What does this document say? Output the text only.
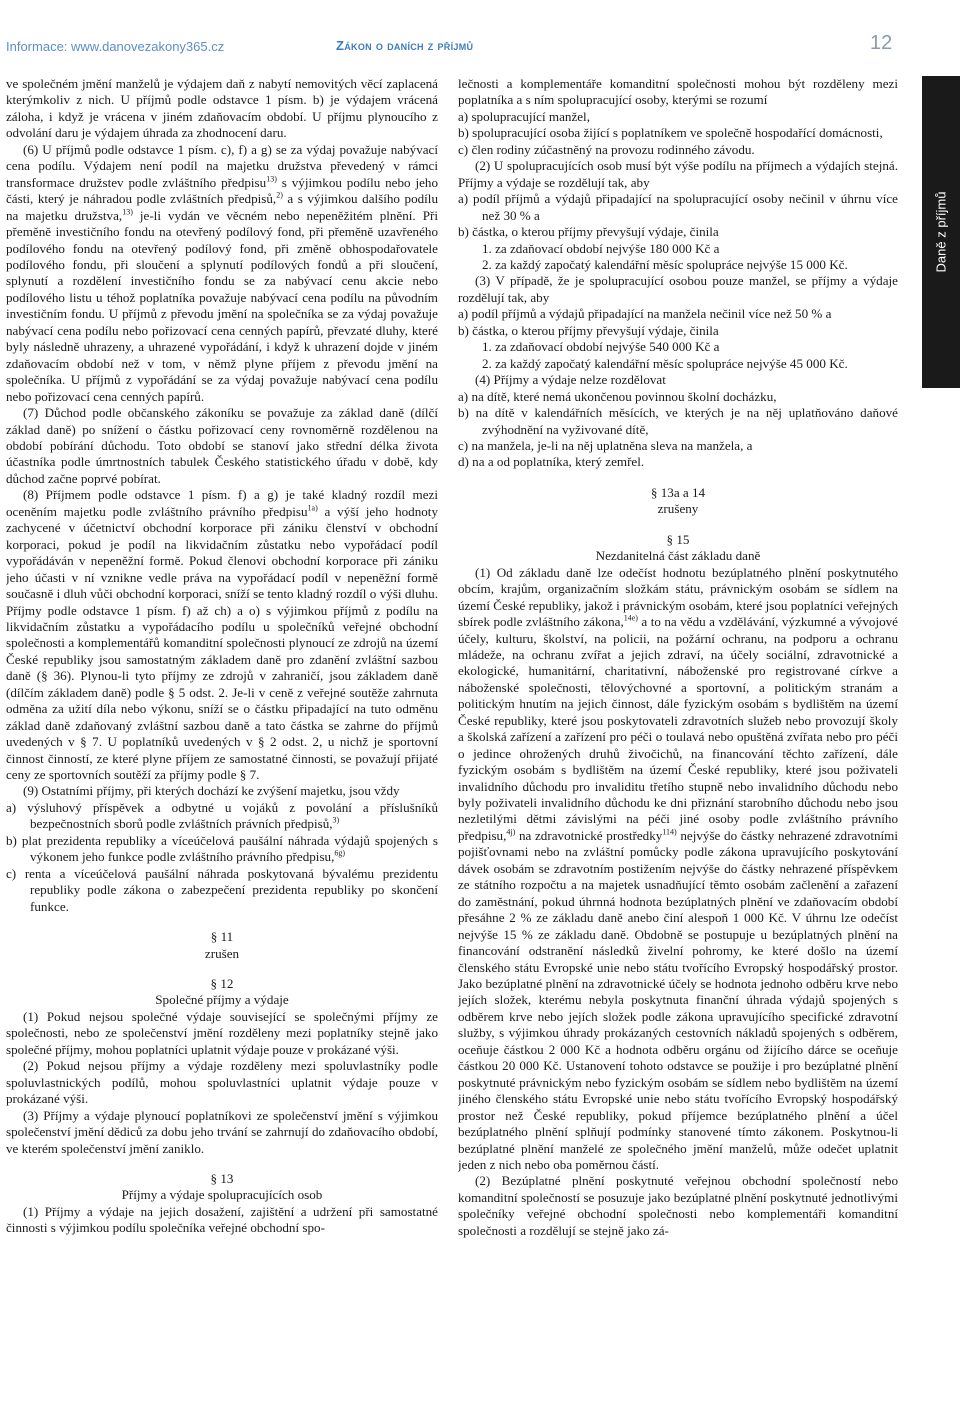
Informace: www.danovezakony365.cz	Zákon o daních z příjmů	12
Daně z příjmů

ve společném jmění manželů je výdajem daň z nabytí nemovitých věcí zaplacená kterýmkoliv z nich. U příjmů podle odstavce 1 písm. b) je výdajem vrácená záloha, i když je vrácena v jiném zdaňovacím období. U příjmu plynoucího z odvolání daru je výdajem úhrada za zhodnocení daru.

(6) U příjmů podle odstavce 1 písm. c), f) a g) se za výdaj považuje nabývací cena podílu. Výdajem není podíl na majetku družstva převedený v rámci transformace družstev podle zvláštního předpisu$^{13)}$ s výjimkou podílu nebo jeho části, který je náhradou podle zvláštních předpisů,$^{2)}$ a s výjimkou dalšího podílu na majetku družstva,$^{13)}$ je-li vydán ve věcném nebo nepeněžitém plnění. Při přeměně investičního fondu na otevřený podílový fond, při přeměně uzavřeného podílového fondu na otevřený podílový fond, při změně obhospodařovatele podílového fondu, při sloučení a splynutí podílových fondů a při sloučení, splynutí a rozdělení investičního fondu se za nabývací cenu akcie nebo podílového listu u téhož poplatníka považuje nabývací cena podílu na původním investičním fondu. U příjmů z převodu jmění na společníka se za výdaj považuje nabývací cena podílu nebo pořizovací cena cenných papírů, převzaté dluhy, které byly následně uhrazeny, a uhrazené vypořádání, i když k uhrazení dojde v jiném zdaňovacím období než v tom, v němž plyne příjem z převodu jmění na společníka. U příjmů z vypořádání se za výdaj považuje nabývací cena podílu nebo pořizovací cena cenných papírů.

(7) Důchod podle občanského zákoníku se považuje za základ daně (dílčí základ daně) po snížení o částku pořizovací ceny rovnoměrně rozdělenou na období pobírání důchodu. Toto období se stanoví jako střední délka života účastníka podle úmrtnostních tabulek Českého statistického úřadu v době, kdy důchod začne poprvé pobírat.

(8) Příjmem podle odstavce 1 písm. f) a g) je také kladný rozdíl mezi oceněním majetku podle zvláštního právního předpisu$^{1a)}$ a výší jeho hodnoty zachycené v účetnictví obchodní korporace při zániku členství v obchodní korporaci, pokud je podíl na likvidačním zůstatku nebo vypořádací podíl vypořádáván v nepeněžní formě. Pokud členovi obchodní korporace při zániku jeho účasti v ní vznikne vedle práva na vypořádací podíl v nepeněžní formě současně i dluh vůči obchodní korporaci, sníží se tento kladný rozdíl o výši dluhu. Příjmy podle odstavce 1 písm. f) až ch) a o) s výjimkou příjmů z podílu na likvidačním zůstatku a vypořádacího podílu u společníků veřejné obchodní společnosti a komplementářů komanditní společnosti plynoucí ze zdrojů na území České republiky jsou samostatným základem daně pro zdanění zvláštní sazbou daně (§ 36). Plynou-li tyto příjmy ze zdrojů v zahraničí, jsou základem daně (dílčím základem daně) podle § 5 odst. 2. Je-li v ceně z veřejné soutěže zahrnuta odměna za užití díla nebo výkonu, sníží se o částku připadající na tuto odměnu základ daně zdaňovaný zvláštní sazbou daně a tato částka se zahrne do příjmů uvedených v § 7. U poplatníků uvedených v § 2 odst. 2, u nichž je sportovní činnost činností, ze které plyne příjem ze samostatné činnosti, se považují přijaté ceny ze sportovních soutěží za příjmy podle § 7.

(9) Ostatními příjmy, při kterých dochází ke zvýšení majetku, jsou vždy

a) výsluhový příspěvek a odbytné u vojáků z povolání a příslušníků bezpečnostních sborů podle zvláštních právních předpisů,$^{3)}$

b) plat prezidenta republiky a víceúčelová paušální náhrada výdajů spojených s výkonem jeho funkce podle zvláštního právního předpisu,$^{6g)}$

c) renta a víceúčelová paušální náhrada poskytovaná bývalému prezidentu republiky podle zákona o zabezpečení prezidenta republiky po skončení funkce.

§ 11

zrušen

§ 12

Společné příjmy a výdaje

(1) Pokud nejsou společné výdaje související se společnými příjmy ze společnosti, nebo ze společenství jmění rozděleny mezi poplatníky stejně jako společné příjmy, mohou poplatníci uplatnit výdaje pouze v prokázané výši.

(2) Pokud nejsou příjmy a výdaje rozděleny mezi spoluvlastníky podle spoluvlastnických podílů, mohou spoluvlastníci uplatnit výdaje pouze v prokázané výši.

(3) Příjmy a výdaje plynoucí poplatníkovi ze společenství jmění s výjimkou společenství jmění dědiců za dobu jeho trvání se zahrnují do zdaňovacího období, ve kterém společenství jmění zaniklo.

§ 13

Příjmy a výdaje spolupracujících osob

(1) Příjmy a výdaje na jejich dosažení, zajištění a udržení při samostatné činnosti s výjimkou podílu společníka veřejné obchodní spo-

lečnosti a komplementáře komanditní společnosti mohou být rozděleny mezi poplatníka a s ním spolupracující osoby, kterými se rozumí

a) spolupracující manžel,

b) spolupracující osoba žijící s poplatníkem ve společně hospodařící domácnosti,

c) člen rodiny zúčastněný na provozu rodinného závodu.

(2) U spolupracujících osob musí být výše podílu na příjmech a výdajích stejná. Příjmy a výdaje se rozdělují tak, aby

a) podíl příjmů a výdajů připadající na spolupracující osoby nečinil v úhrnu více než 30 % a

b) částka, o kterou příjmy převyšují výdaje, činila

1. za zdaňovací období nejvýše 180 000 Kč a

2. za každý započatý kalendářní měsíc spolupráce nejvýše 15 000 Kč.

(3) V případě, že je spolupracující osobou pouze manžel, se příjmy a výdaje rozdělují tak, aby

a) podíl příjmů a výdajů připadající na manžela nečinil více než 50 % a

b) částka, o kterou příjmy převyšují výdaje, činila

1. za zdaňovací období nejvýše 540 000 Kč a

2. za každý započatý kalendářní měsíc spolupráce nejvýše 45 000 Kč.

(4) Příjmy a výdaje nelze rozdělovat

a) na dítě, které nemá ukončenou povinnou školní docházku,

b) na dítě v kalendářních měsících, ve kterých je na něj uplatňováno daňové zvýhodnění na vyživované dítě,

c) na manžela, je-li na něj uplatněna sleva na manžela, a

d) na a od poplatníka, který zemřel.

§ 13a a 14

zrušeny

§ 15

Nezdanitelná část základu daně

(1) Od základu daně lze odečíst hodnotu bezúplatného plnění poskytnutého obcím, krajům, organizačním složkám státu, právnickým osobám se sídlem na území České republiky, jakož i právnickým osobám, které jsou poplatníci veřejných sbírek podle zvláštního zákona,$^{14e)}$ a to na vědu a vzdělávání, výzkumné a vývojové účely, kulturu, školství, na policii, na požární ochranu, na podporu a ochranu mládeže, na ochranu zvířat a jejich zdraví, na účely sociální, zdravotnické a ekologické, humanitární, charitativní, náboženské pro registrované církve a náboženské společnosti, tělovýchovné a sportovní, a politickým stranám a politickým hnutím na jejich činnost, dále fyzickým osobám s bydlištěm na území České republiky, které jsou poskytovateli zdravotních služeb nebo provozují školy a školská zařízení a zařízení pro péči o toulavá nebo opuštěná zvířata nebo pro péči o jedince ohrožených druhů živočichů, na financování těchto zařízení, dále fyzickým osobám s bydlištěm na území České republiky, které jsou poživateli invalidního důchodu pro invaliditu třetího stupně nebo invalidního důchodu nebo byly poživateli invalidního důchodu ke dni přiznání starobního důchodu nebo jsou nezletilými dětmi závislými na péči jiné osoby podle zvláštního právního předpisu,$^{4j)}$ na zdravotnické prostředky$^{114)}$ nejvýše do částky nehrazené zdravotními pojišťovnami nebo na zvláštní pomůcky podle zákona upravujícího poskytování dávek osobám se zdravotním postižením nejvýše do částky nehrazené příspěvkem ze státního rozpočtu a na majetek usnadňující těmto osobám začlenění a zařazení do zaměstnání, pokud úhrnná hodnota bezúplatných plnění ve zdaňovacím období přesáhne 2 % ze základu daně anebo činí alespoň 1 000 Kč. V úhrnu lze odečíst nejvýše 15 % ze základu daně. Obdobně se postupuje u bezúplatných plnění na financování odstranění následků živelní pohromy, ke které došlo na území členského státu Evropské unie nebo státu tvořícího Evropský hospodářský prostor. Jako bezúplatné plnění na zdravotnické účely se hodnota jednoho odběru krve nebo jejích složek, kterému nebyla poskytnuta finanční úhrada výdajů spojených s odběrem krve nebo jejích složek podle zákona upravujícího specifické zdravotní služby, s výjimkou úhrady prokázaných cestovních nákladů spojených s odběrem, oceňuje částkou 2 000 Kč a hodnota odběru orgánu od žijícího dárce se oceňuje částkou 20 000 Kč. Ustanovení tohoto odstavce se použije i pro bezúplatné plnění poskytnuté právnickým nebo fyzickým osobám se sídlem nebo bydlištěm na území jiného členského státu Evropské unie nebo státu tvořícího Evropský hospodářský prostor než České republiky, pokud příjemce bezúplatného plnění a účel bezúplatného plnění splňují podmínky stanovené tímto zákonem. Poskytnou-li bezúplatné plnění manželé ze společného jmění manželů, může odečet uplatnit jeden z nich nebo oba poměrnou částí.

(2) Bezúplatné plnění poskytnuté veřejnou obchodní společností nebo komanditní společností se posuzuje jako bezúplatné plnění poskytnuté jednotlivými společníky veřejné obchodní společnosti nebo komplementáři komanditní společnosti a rozdělují se stejně jako zá-
